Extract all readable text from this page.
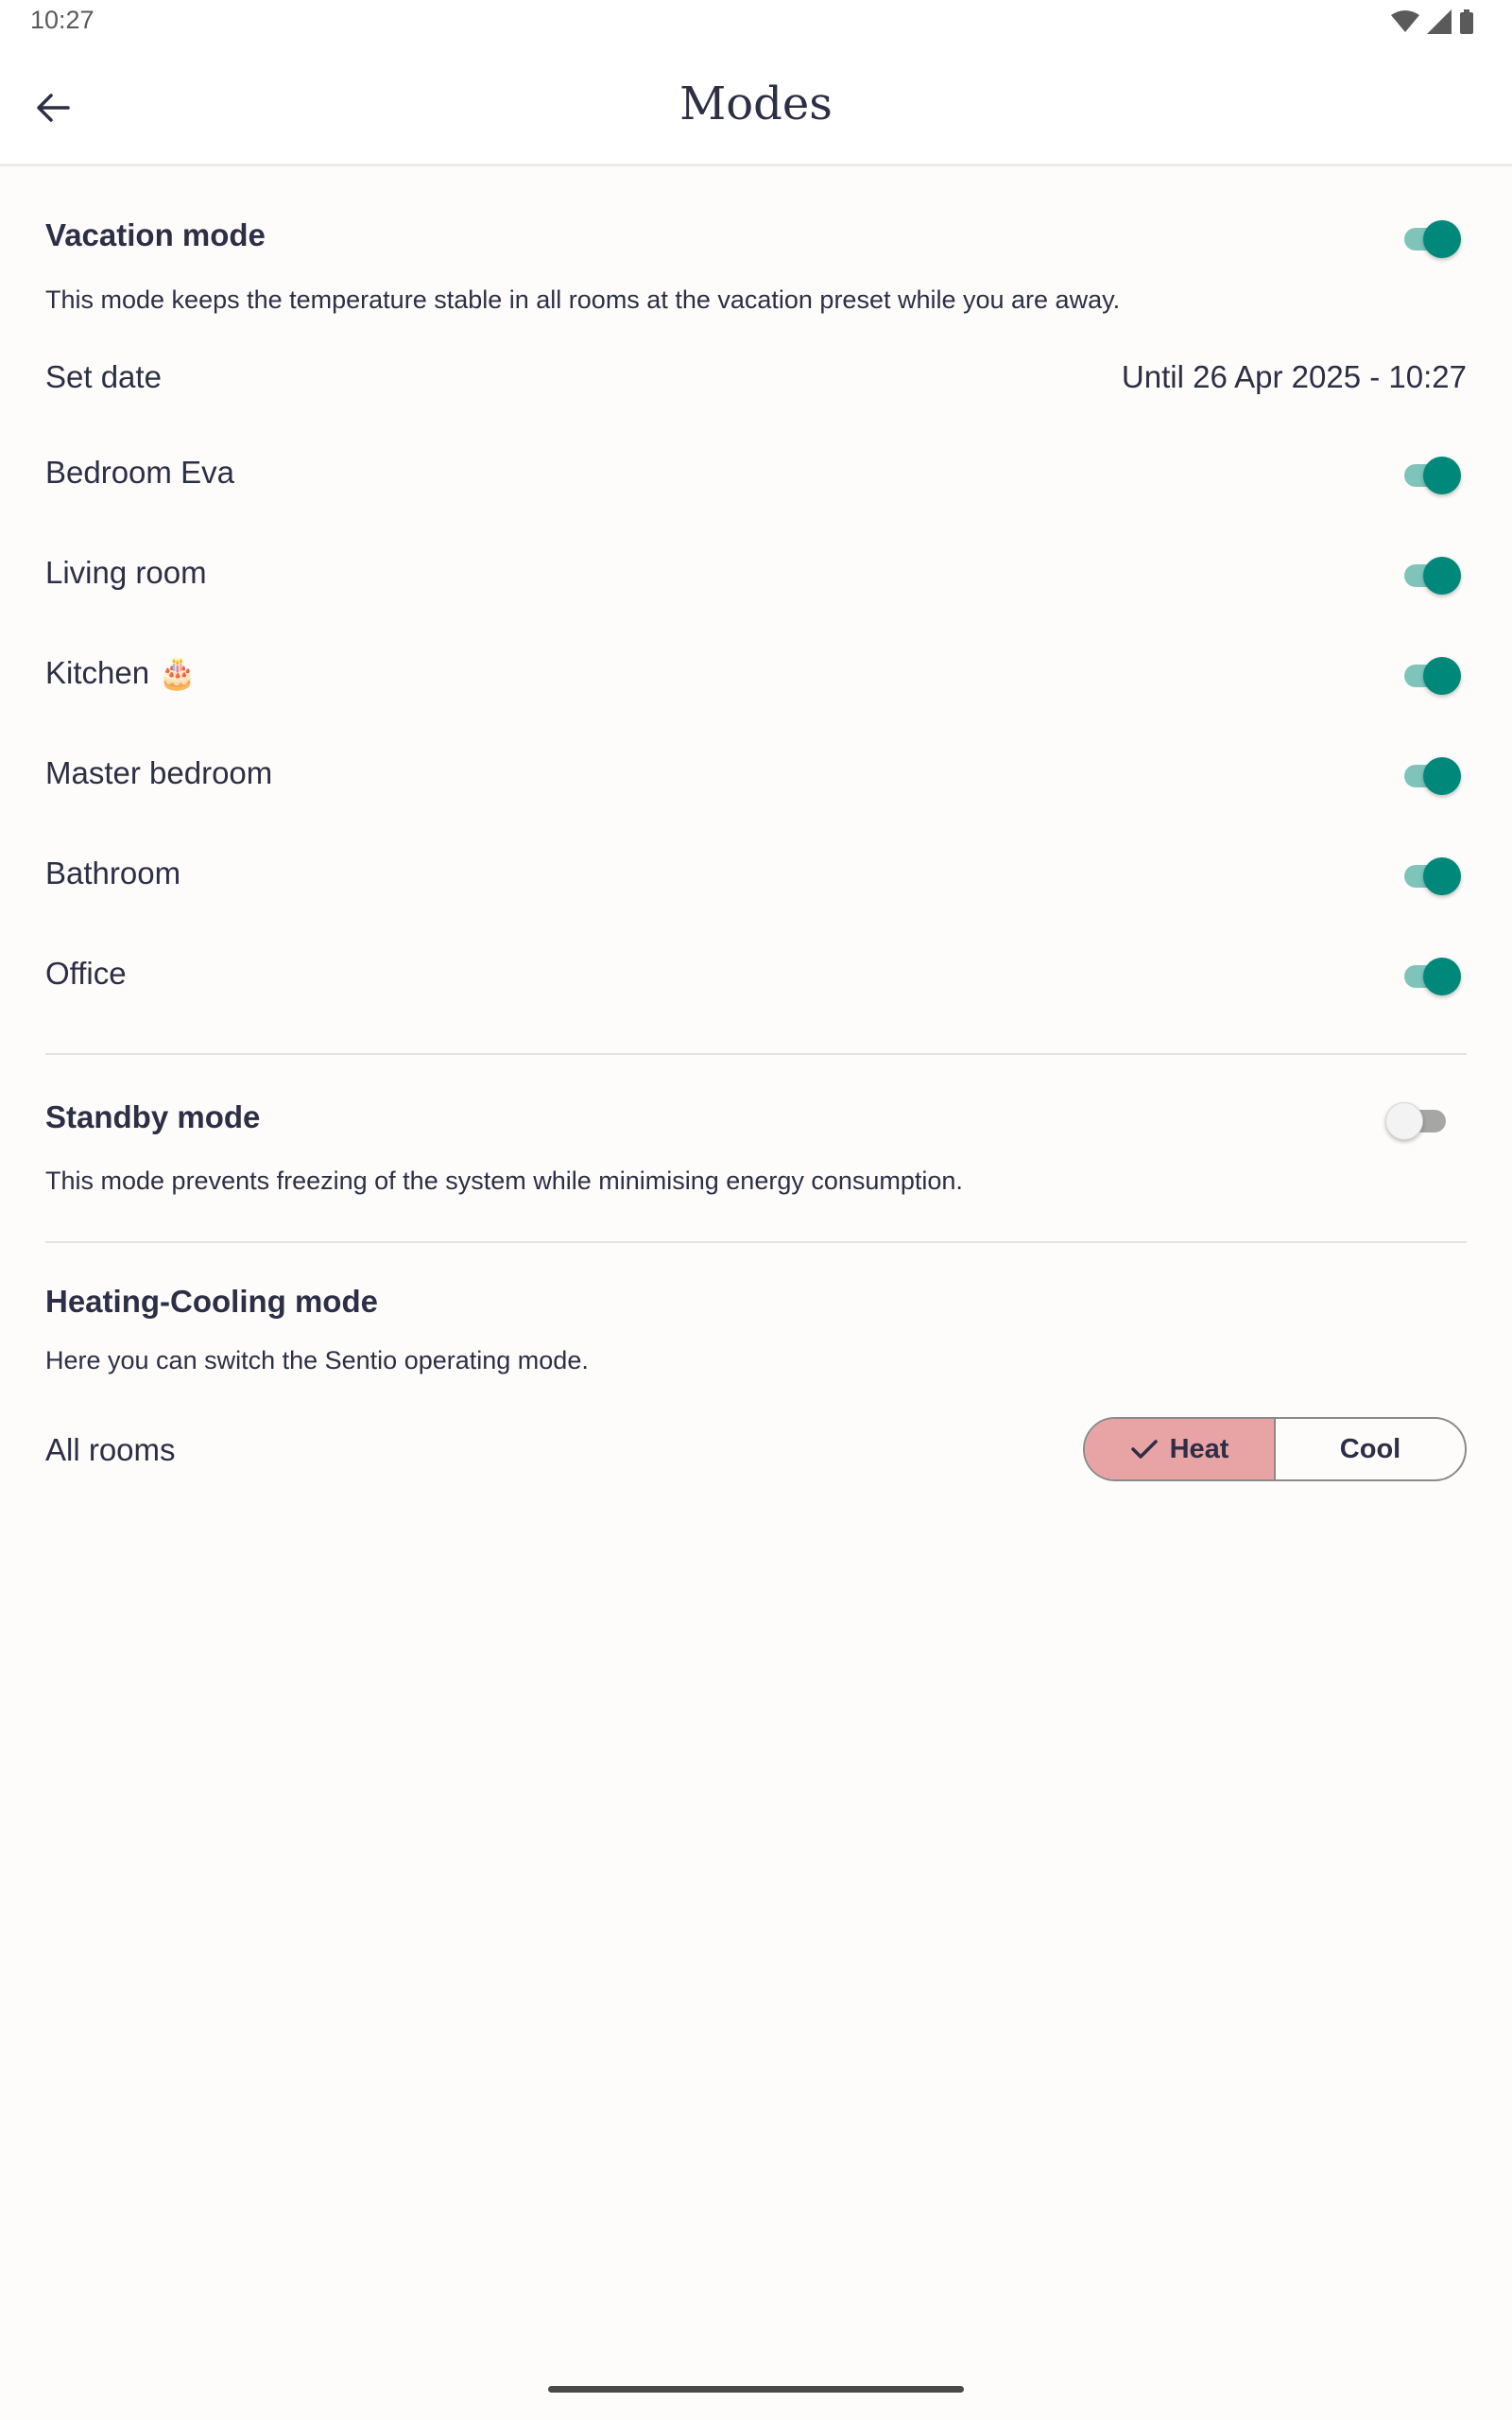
10:27
Modes
Vacation mode
This mode keeps the temperature stable in all rooms at the vacation preset while you are away.
Set date	Until 26 Apr 2025 - 10:27
Bedroom Eva
Living room
Kitchen 🎂
Master bedroom
Bathroom
Office
Standby mode
This mode prevents freezing of the system while minimising energy consumption.
Heating-Cooling mode
Here you can switch the Sentio operating mode.
All rooms	Heat	Cool
